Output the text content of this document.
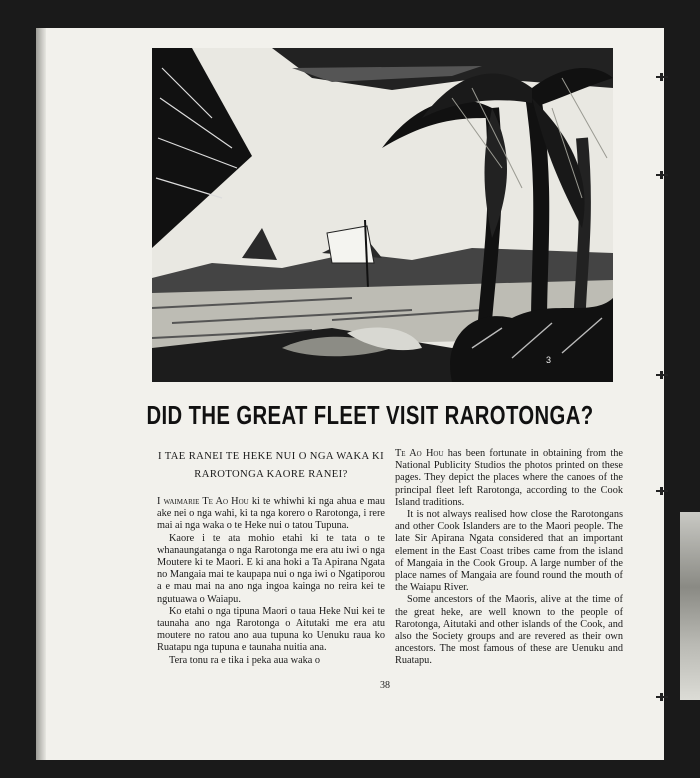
3
DID THE GREAT FLEET VISIT RAROTONGA?

I TAE RANEI TE HEKE NUI O NGA WAKA KI RAROTONGA KAORE RANEI?

I waimarie Te Ao Hou ki te whiwhi ki nga ahua e mau ake nei o nga wahi, ki ta nga korero o Rarotonga, i rere mai ai nga waka o te Heke nui o tatou Tupuna.

Kaore i te ata mohio etahi ki te tata o te whanaungatanga o nga Rarotonga me era atu iwi o nga Moutere ki te Maori. E ki ana hoki a Ta Apirana Ngata no Mangaia mai te kaupapa nui o nga iwi o Ngatiporou a e mau mai na ano nga ingoa kainga no reira kei te ngutuawa o Waiapu.

Ko etahi o nga tipuna Maori o taua Heke Nui kei te taunaha ano nga Rarotonga o Aitutaki me era atu moutere no ratou ano aua tupuna ko Uenuku raua ko Ruatapu nga tupuna e taunaha nuitia ana.

Tera tonu ra e tika i peka aua waka o

Te Ao Hou has been fortunate in obtaining from the National Publicity Studios the photos printed on these pages. They depict the places where the canoes of the principal fleet left Rarotonga, according to the Cook Island traditions.

It is not always realised how close the Rarotongans and other Cook Islanders are to the Maori people. The late Sir Apirana Ngata considered that an important element in the East Coast tribes came from the island of Mangaia in the Cook Group. A large number of the place names of Mangaia are found round the mouth of the Waiapu River.

Some ancestors of the Maoris, alive at the time of the great heke, are well known to the people of Rarotonga, Aitutaki and other islands of the Cook, and also the Society groups and are revered as their own ancestors. The most famous of these are Uenuku and Ruatapu.

38
